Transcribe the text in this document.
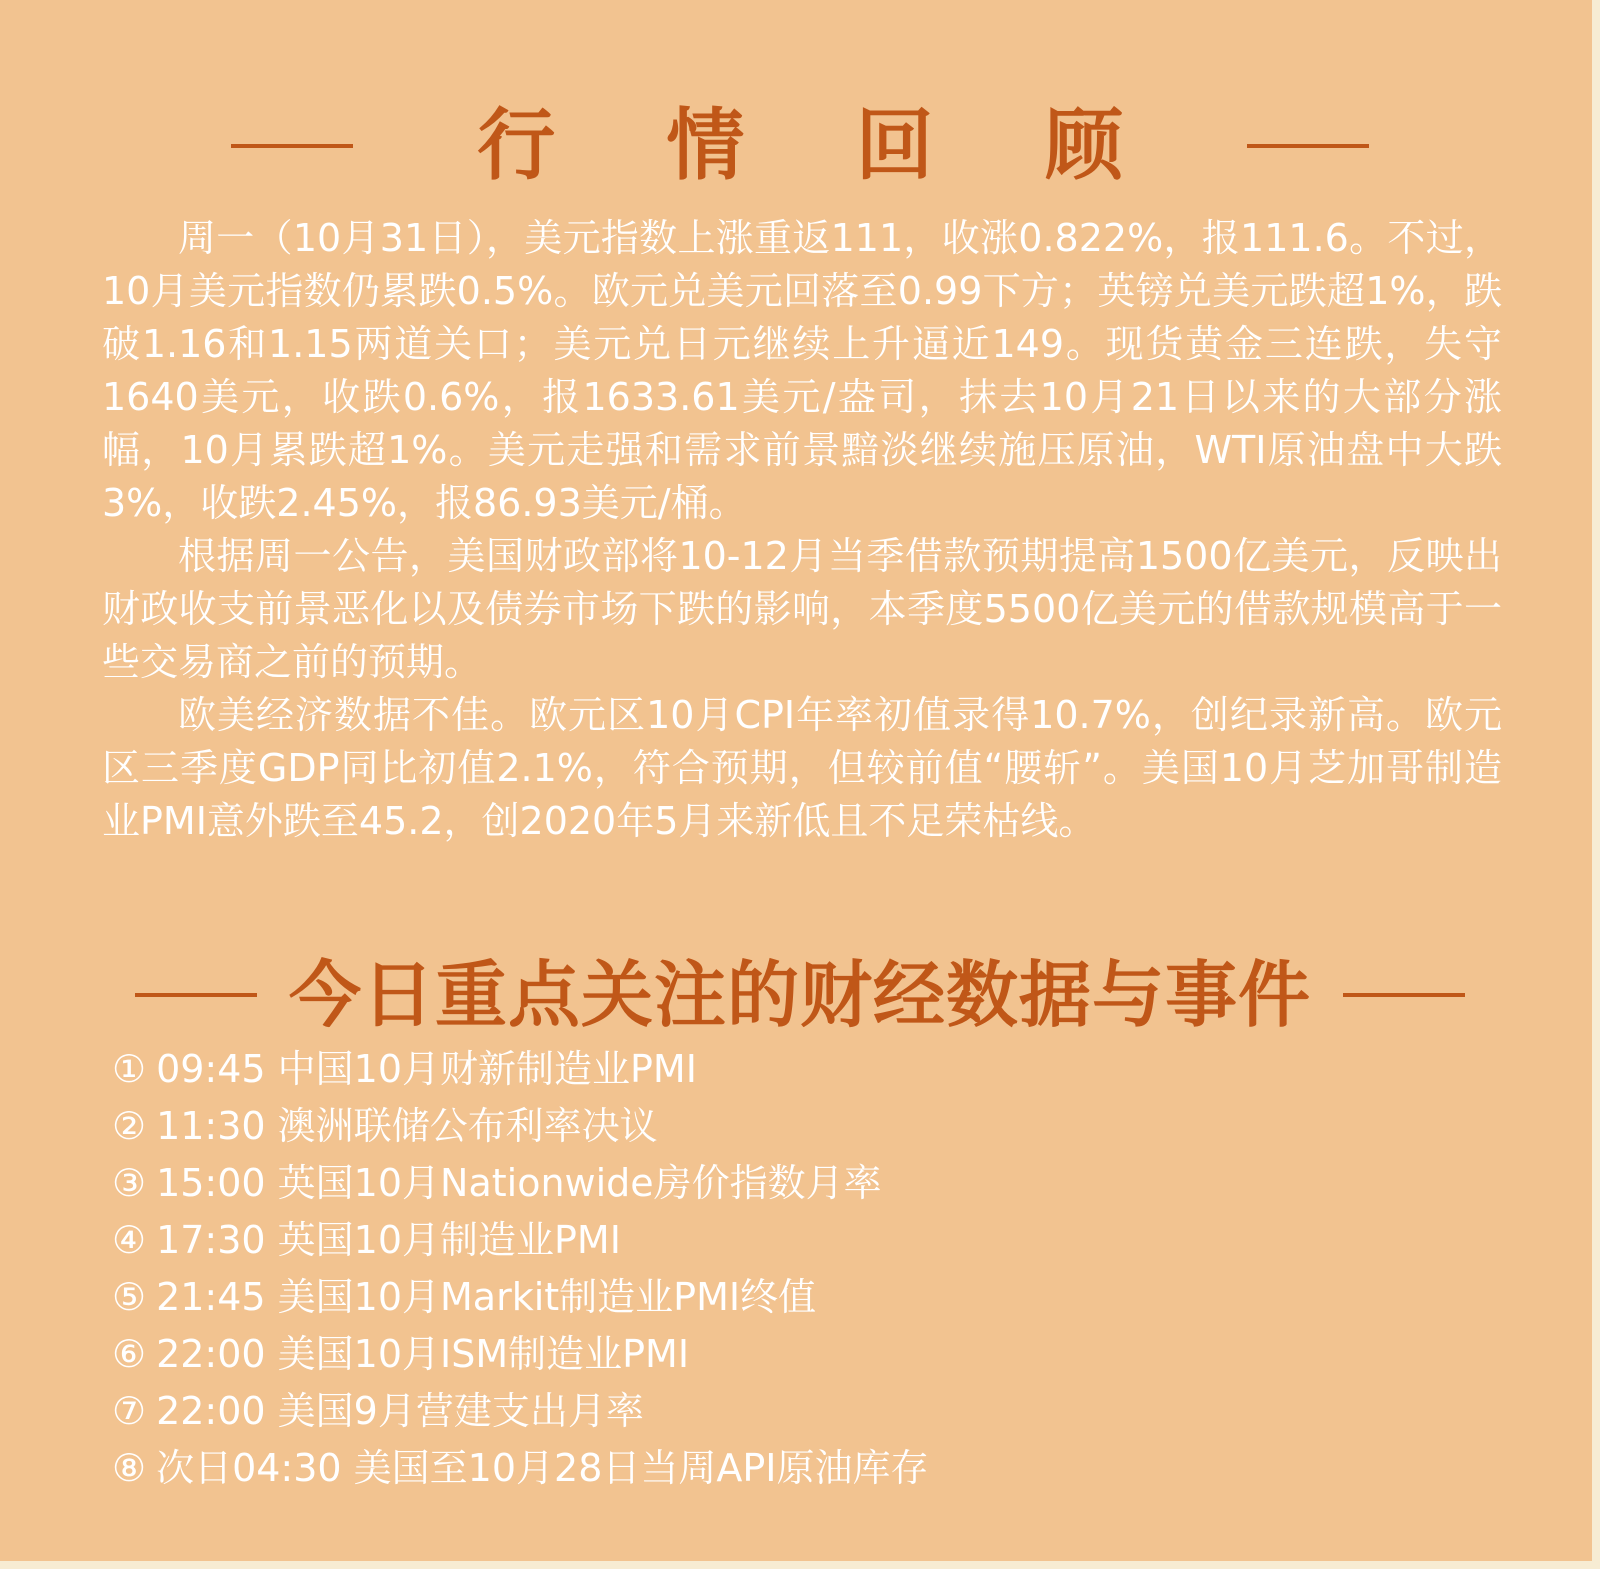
行 情 回 顾

周一（10月31日），美元指数上涨重返111，收涨0.822%，报111.6。不过，10月美元指数仍累跌0.5%。欧元兑美元回落至0.99下方；英镑兑美元跌超1%，跌破1.16和1.15两道关口；美元兑日元继续上升逼近149。现货黄金三连跌，失守1640美元，收跌0.6%，报1633.61美元/盎司，抹去10月21日以来的大部分涨幅，10月累跌超1%。美元走强和需求前景黯淡继续施压原油，WTI原油盘中大跌3%，收跌2.45%，报86.93美元/桶。

根据周一公告，美国财政部将10-12月当季借款预期提高1500亿美元，反映出财政收支前景恶化以及债券市场下跌的影响，本季度5500亿美元的借款规模高于一些交易商之前的预期。

欧美经济数据不佳。欧元区10月CPI年率初值录得10.7%，创纪录新高。欧元区三季度GDP同比初值2.1%，符合预期，但较前值“腰斩”。美国10月芝加哥制造业PMI意外跌至45.2，创2020年5月来新低且不足荣枯线。

今日重点关注的财经数据与事件
① 09:45 中国10月财新制造业PMI
② 11:30 澳洲联储公布利率决议
③ 15:00 英国10月Nationwide房价指数月率
④ 17:30 英国10月制造业PMI
⑤ 21:45 美国10月Markit制造业PMI终值
⑥ 22:00 美国10月ISM制造业PMI
⑦ 22:00 美国9月营建支出月率
⑧ 次日04:30 美国至10月28日当周API原油库存
